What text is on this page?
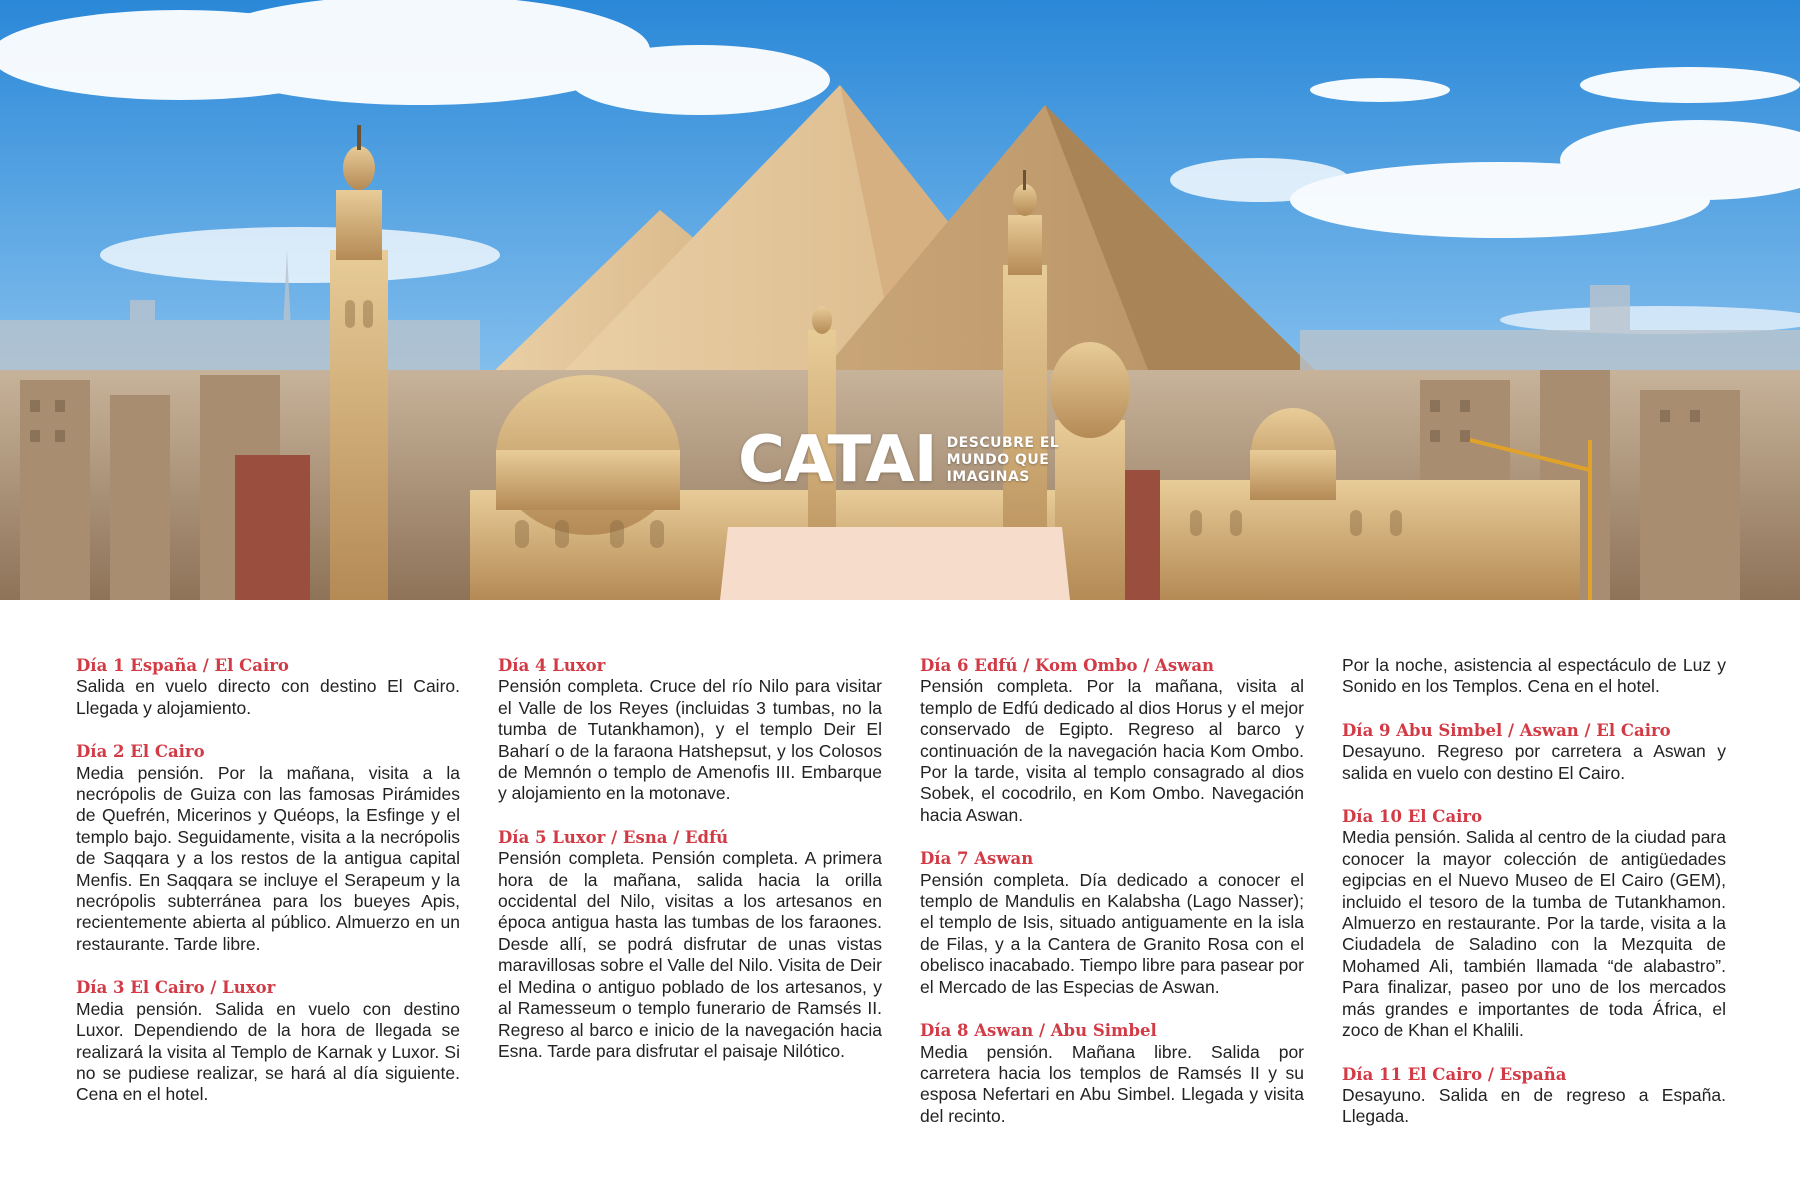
CATAI DESCUBRE EL
MUNDO QUE
IMAGINAS
Día 1 España / El Cairo

Salida en vuelo directo con destino El Cairo. Llegada y alojamiento.

Día 2 El Cairo

Media pensión. Por la mañana, visita a la necrópolis de Guiza con las famosas Pirámides de Quefrén, Micerinos y Quéops, la Esfinge y el templo bajo. Seguidamente, visita a la necrópolis de Saqqara y a los restos de la antigua capital Menfis. En Saqqara se incluye el Serapeum y la necrópolis subterránea para los bueyes Apis, recientemente abierta al público. Almuerzo en un restaurante. Tarde libre.

Día 3 El Cairo / Luxor

Media pensión. Salida en vuelo con destino Luxor. Dependiendo de la hora de llegada se realizará la visita al Templo de Karnak y Luxor. Si no se pudiese realizar, se hará al día siguiente. Cena en el hotel.

Día 4 Luxor

Pensión completa. Cruce del río Nilo para visitar el Valle de los Reyes (incluidas 3 tumbas, no la tumba de Tutankhamon), y el templo Deir El Baharí o de la faraona Hatshepsut, y los Colosos de Memnón o templo de Amenofis III. Embarque y alojamiento en la motonave.

Día 5 Luxor / Esna / Edfú

Pensión completa. Pensión completa. A primera hora de la mañana, salida hacia la orilla occidental del Nilo, visitas a los artesanos en época antigua hasta las tumbas de los faraones. Desde allí, se podrá disfrutar de unas vistas maravillosas sobre el Valle del Nilo. Visita de Deir el Medina o antiguo poblado de los artesanos, y al Ramesseum o templo funerario de Ramsés II. Regreso al barco e inicio de la navegación hacia Esna. Tarde para disfrutar el paisaje Nilótico.

Día 6 Edfú / Kom Ombo / Aswan

Pensión completa. Por la mañana, visita al templo de Edfú dedicado al dios Horus y el mejor conservado de Egipto. Regreso al barco y continuación de la navegación hacia Kom Ombo. Por la tarde, visita al templo consagrado al dios Sobek, el cocodrilo, en Kom Ombo. Navegación hacia Aswan.

Día 7 Aswan

Pensión completa. Día dedicado a conocer el templo de Mandulis en Kalabsha (Lago Nasser); el templo de Isis, situado antiguamente en la isla de Filas, y a la Cantera de Granito Rosa con el obelisco inacabado. Tiempo libre para pasear por el Mercado de las Especias de Aswan.

Día 8 Aswan / Abu Simbel

Media pensión. Mañana libre. Salida por carretera hacia los templos de Ramsés II y su esposa Nefertari en Abu Simbel. Llegada y visita del recinto.

Por la noche, asistencia al espectáculo de Luz y Sonido en los Templos. Cena en el hotel.

Día 9 Abu Simbel / Aswan / El Cairo

Desayuno. Regreso por carretera a Aswan y salida en vuelo con destino El Cairo.

Día 10 El Cairo

Media pensión. Salida al centro de la ciudad para conocer la mayor colección de antigüedades egipcias en el Nuevo Museo de El Cairo (GEM), incluido el tesoro de la tumba de Tutankhamon. Almuerzo en restaurante. Por la tarde, visita a la Ciudadela de Saladino con la Mezquita de Mohamed Ali, también llamada “de alabastro”. Para finalizar, paseo por uno de los mercados más grandes e importantes de toda África, el zoco de Khan el Khalili.

Día 11 El Cairo / España

Desayuno. Salida en de regreso a España. Llegada.
